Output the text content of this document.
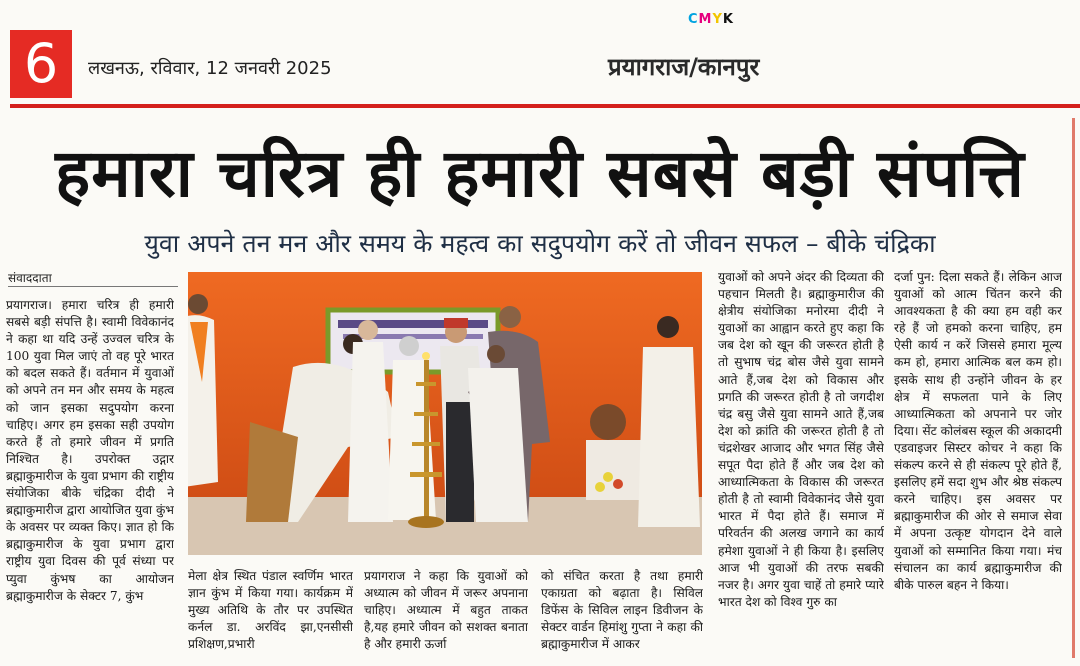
CMYK
6	लखनऊ, रविवार, 12 जनवरी 2025	प्रयागराज/कानपुर
हमारा चरित्र ही हमारी सबसे बड़ी संपत्ति
युवा अपने तन मन और समय के महत्व का सदुपयोग करें तो जीवन सफल – बीके चंद्रिका
संवाददाता
प्रयागराज। हमारा चरित्र ही हमारी सबसे बड़ी संपत्ति है। स्वामी विवेकानंद ने कहा था यदि उन्हें उज्वल चरित्र के 100 युवा मिल जाएं तो वह पूरे भारत को बदल सकते हैं। वर्तमान में युवाओं को अपने तन मन और समय के महत्व को जान इसका सदुपयोग करना चाहिए। अगर हम इसका सही उपयोग करते हैं तो हमारे जीवन में प्रगति निश्चित है। उपरोक्त उद्गार ब्रह्माकुमारीज के युवा प्रभाग की राष्ट्रीय संयोजिका बीके चंद्रिका दीदी ने ब्रह्माकुमारीज द्वारा आयोजित युवा कुंभ के अवसर पर व्यक्त किए। ज्ञात हो कि ब्रह्माकुमारीज के युवा प्रभाग द्वारा राष्ट्रीय युवा दिवस की पूर्व संध्या पर प्युवा कुंभष का आयोजन ब्रह्माकुमारीज के सेक्टर 7, कुंभ
मेला क्षेत्र स्थित पंडाल स्वर्णिम भारत ज्ञान कुंभ में किया गया। कार्यक्रम में मुख्य अतिथि के तौर पर उपस्थित कर्नल डा. अरविंद झा,एनसीसी प्रशिक्षण,प्रभारी
प्रयागराज ने कहा कि युवाओं को अध्यात्म को जीवन में जरूर अपनाना चाहिए। अध्यात्म में बहुत ताकत है,यह हमारे जीवन को सशक्त बनाता है और हमारी ऊर्जा
को संचित करता है तथा हमारी एकाग्रता को बढ़ाता है। सिविल डिफेंस के सिविल लाइन डिवीजन के सेक्टर वार्डन हिमांशु गुप्ता ने कहा की ब्रह्माकुमारीज में आकर
युवाओं को अपने अंदर की दिव्यता की पहचान मिलती है। ब्रह्माकुमारीज की क्षेत्रीय संयोजिका मनोरमा दीदी ने युवाओं का आह्वान करते हुए कहा कि जब देश को खून की जरूरत होती है तो सुभाष चंद्र बोस जैसे युवा सामने आते हैं,जब देश को विकास और प्रगति की जरूरत होती है तो जगदीश चंद्र बसु जैसे युवा सामने आते हैं,जब देश को क्रांति की जरूरत होती है तो चंद्रशेखर आजाद और भगत सिंह जैसे सपूत पैदा होते हैं और जब देश को आध्यात्मिकता के विकास की जरूरत होती है तो स्वामी विवेकानंद जैसे युवा भारत में पैदा होते हैं। समाज में परिवर्तन की अलख जगाने का कार्य हमेशा युवाओं ने ही किया है। इसलिए आज भी युवाओं की तरफ सबकी नजर है। अगर युवा चाहें तो हमारे प्यारे भारत देश को विश्व गुरु का
दर्जा पुन: दिला सकते हैं। लेकिन आज युवाओं को आत्म चिंतन करने की आवश्यकता है की क्या हम वही कर रहे हैं जो हमको करना चाहिए, हम ऐसी कार्य न करें जिससे हमारा मूल्य कम हो, हमारा आत्मिक बल कम हो। इसके साथ ही उन्होंने जीवन के हर क्षेत्र में सफलता पाने के लिए आध्यात्मिकता को अपनाने पर जोर दिया। सेंट कोलंबस स्कूल की अकादमी एडवाइजर सिस्टर कोचर ने कहा कि संकल्प करने से ही संकल्प पूरे होते हैं, इसलिए हमें सदा शुभ और श्रेष्ठ संकल्प करने चाहिए। इस अवसर पर ब्रह्माकुमारीज की ओर से समाज सेवा में अपना उत्कृष्ट योगदान देने वाले युवाओं को सम्मानित किया गया। मंच संचालन का कार्य ब्रह्माकुमारीज की बीके पारुल बहन ने किया।
